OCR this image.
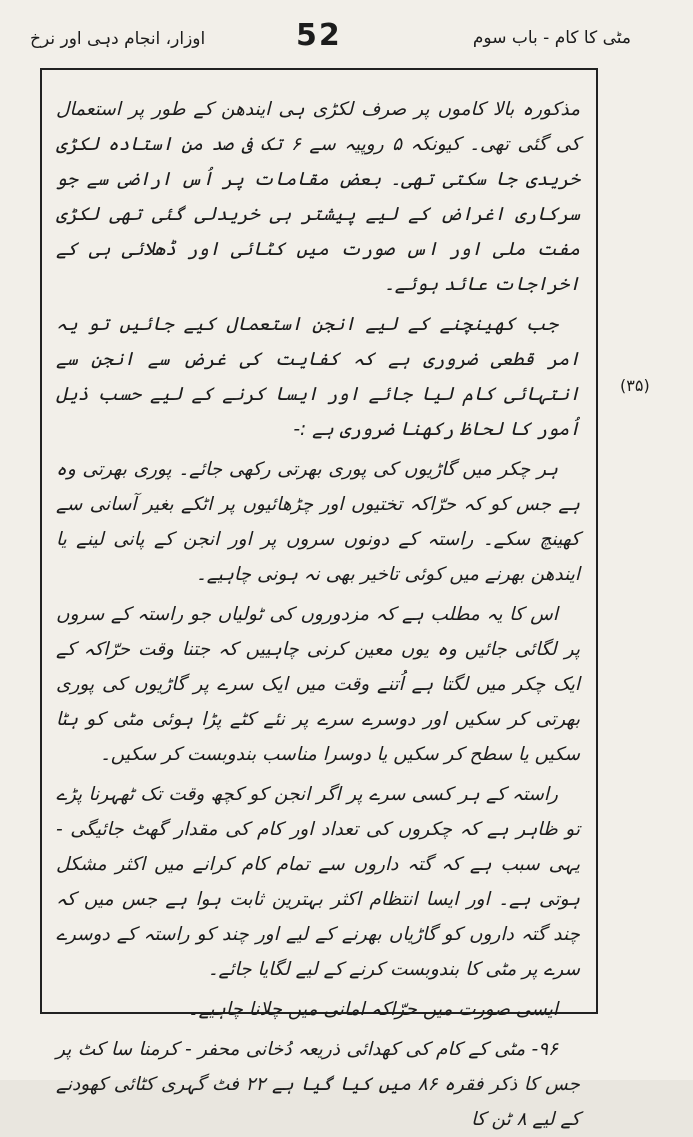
اوزار، انجام دہی اور نرخ	52	مٹی کا کام - باب سوم

مذکورہ بالا کاموں پر صرف لکڑی ہی ایندھن کے طور پر استعمال کی گئی تھی۔ کیونکہ ۵ روپیہ سے ۶ تک فی صد من استادہ لکڑی خریدی جا سکتی تھی۔ بعض مقامات پر اُس اراضی سے جو سرکاری اغراض کے لیے پیشتر ہی خریدلی گئی تھی لکڑی مفت ملی اور اس صورت میں کٹائی اور ڈھلائی ہی کے اخراجات عائد ہوئے۔

جب کھینچنے کے لیے انجن استعمال کیے جائیں تو یہ امر قطعی ضروری ہے کہ کفایت کی غرض سے انجن سے انتہائی کام لیا جائے اور ایسا کرنے کے لیے حسب ذیل اُمور کا لحاظ رکھنا ضروری ہے :-

ہر چکر میں گاڑیوں کی پوری بھرتی رکھی جائے۔ پوری بھرتی وہ ہے جس کو کہ حرّاکہ تختیوں اور چڑھائیوں پر اٹکے بغیر آسانی سے کھینچ سکے۔ راستہ کے دونوں سروں پر اور انجن کے پانی لینے یا ایندھن بھرنے میں کوئی تاخیر بھی نہ ہونی چاہیے۔

اس کا یہ مطلب ہے کہ مزدوروں کی ٹولیاں جو راستہ کے سروں پر لگائی جائیں وہ یوں معین کرنی چاہییں کہ جتنا وقت حرّاکہ کے ایک چکر میں لگتا ہے اُتنے وقت میں ایک سرے پر گاڑیوں کی پوری بھرتی کر سکیں اور دوسرے سرے پر نئے کٹے پڑا ہوئی مٹی کو ہٹا سکیں یا سطح کر سکیں یا دوسرا مناسب بندوبست کر سکیں۔

راستہ کے ہر کسی سرے پر اگر انجن کو کچھ وقت تک ٹھہرنا پڑے تو ظاہر ہے کہ چکروں کی تعداد اور کام کی مقدار گھٹ جائیگی - یہی سبب ہے کہ گتہ داروں سے تمام کام کرانے میں اکثر مشکل ہوتی ہے۔ اور ایسا انتظام اکثر بہترین ثابت ہوا ہے جس میں کہ چند گتہ داروں کو گاڑیاں بھرنے کے لیے اور چند کو راستہ کے دوسرے سرے پر مٹی کا بندوبست کرنے کے لیے لگایا جائے۔

ایسی صورت میں حرّاکہ امانی میں چلانا چاہیے۔

۹۶- مٹی کے کام کی کھدائی ذریعہ دُخانی محفر - کرمنا سا کٹ پر جس کا ذکر فقرہ ۸۶ میں کیا گیا ہے ۲۲ فٹ گہری کٹائی کھودنے کے لیے ۸ ٹن کا

(۳۵)
